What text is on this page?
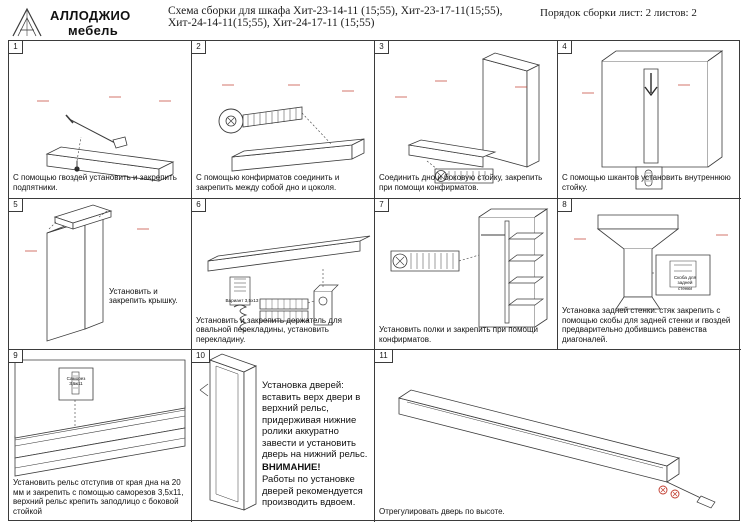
АЛЛОДЖИО
мебель
Схема сборки для шкафа Хит-23-14-11 (15;55), Хит-23-17-11(15;55),
Хит-24-14-11(15;55), Хит-24-17-11 (15;55)
Порядок сборки лист: 2 листов: 2
1
С помощью гвоздей установить и закрепить подпятники.
2
С помощью конфирматов соединить и закрепить между собой дно и цоколя.
3
Соединить дно и боковую стойку, закрепить при помощи конфирматов.
4
С помощью шкантов установить внутреннюю стойку.
5
Установить и закрепить крышку.
6
Вариант 3,5х13
Установить и закрепить держатель для овальной перекладины, установить перекладину.
7
Установить полки и закрепить при помощи конфирматов.
8
Скоба для задней стенки
Установка задней стенки: стяк закрепить с помощью скобы для задней стенки и гвоздей предварительно добившись равенства диагоналей.
9
Саморез 3,5х11
Установить рельс отступив от края дна на 20 мм и закрепить с помощью саморезов 3,5х11, верхний рельс крепить заподлицо с боковой стойкой
10
Установка дверей: вставить верх двери в верхний рельс, придерживая нижние ролики аккуратно завести и установить дверь на нижний рельс.
ВНИМАНИЕ!
Работы по установке дверей рекомендуется производить вдвоем.
11
Отрегулировать дверь по высоте.
